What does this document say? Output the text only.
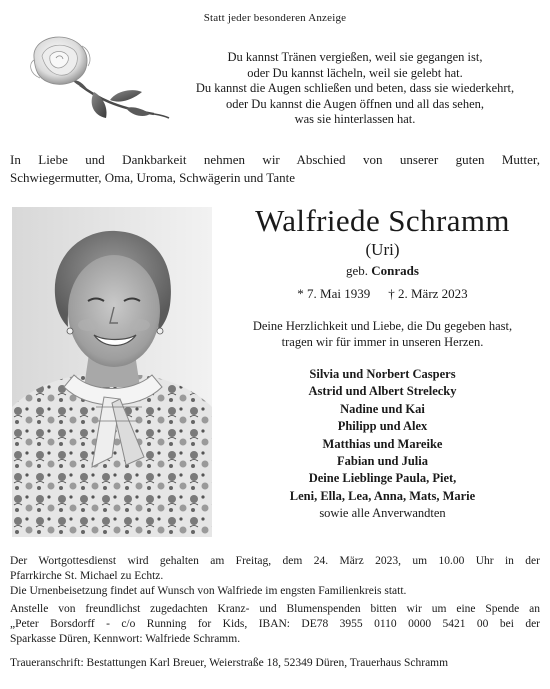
Statt jeder besonderen Anzeige
Du kannst Tränen vergießen, weil sie gegangen ist,
oder Du kannst lächeln, weil sie gelebt hat.
Du kannst die Augen schließen und beten, dass sie wiederkehrt,
oder Du kannst die Augen öffnen und all das sehen,
was sie hinterlassen hat.
In Liebe und Dankbarkeit nehmen wir Abschied von unserer guten Mutter,
Schwiegermutter, Oma, Uroma, Schwägerin und Tante
Walfriede Schramm
(Uri)
geb. Conrads
* 7. Mai 1939 † 2. März 2023
Deine Herzlichkeit und Liebe, die Du gegeben hast,
tragen wir für immer in unseren Herzen.
Silvia und Norbert Caspers
Astrid und Albert Strelecky
Nadine und Kai
Philipp und Alex
Matthias und Mareike
Fabian und Julia
Deine Lieblinge Paula, Piet,
Leni, Ella, Lea, Anna, Mats, Marie
sowie alle Anverwandten
Der Wortgottesdienst wird gehalten am Freitag, dem 24. März 2023, um 10.00 Uhr in der
Pfarrkirche St. Michael zu Echtz.
Die Urnenbeisetzung findet auf Wunsch von Walfriede im engsten Familienkreis statt.
Anstelle von freundlichst zugedachten Kranz- und Blumenspenden bitten wir um eine Spende an
„Peter Borsdorff - c/o Running for Kids, IBAN: DE78 3955 0110 0000 5421 00 bei der
Sparkasse Düren, Kennwort: Walfriede Schramm.
Traueranschrift: Bestattungen Karl Breuer, Weierstraße 18, 52349 Düren, Trauerhaus Schramm
